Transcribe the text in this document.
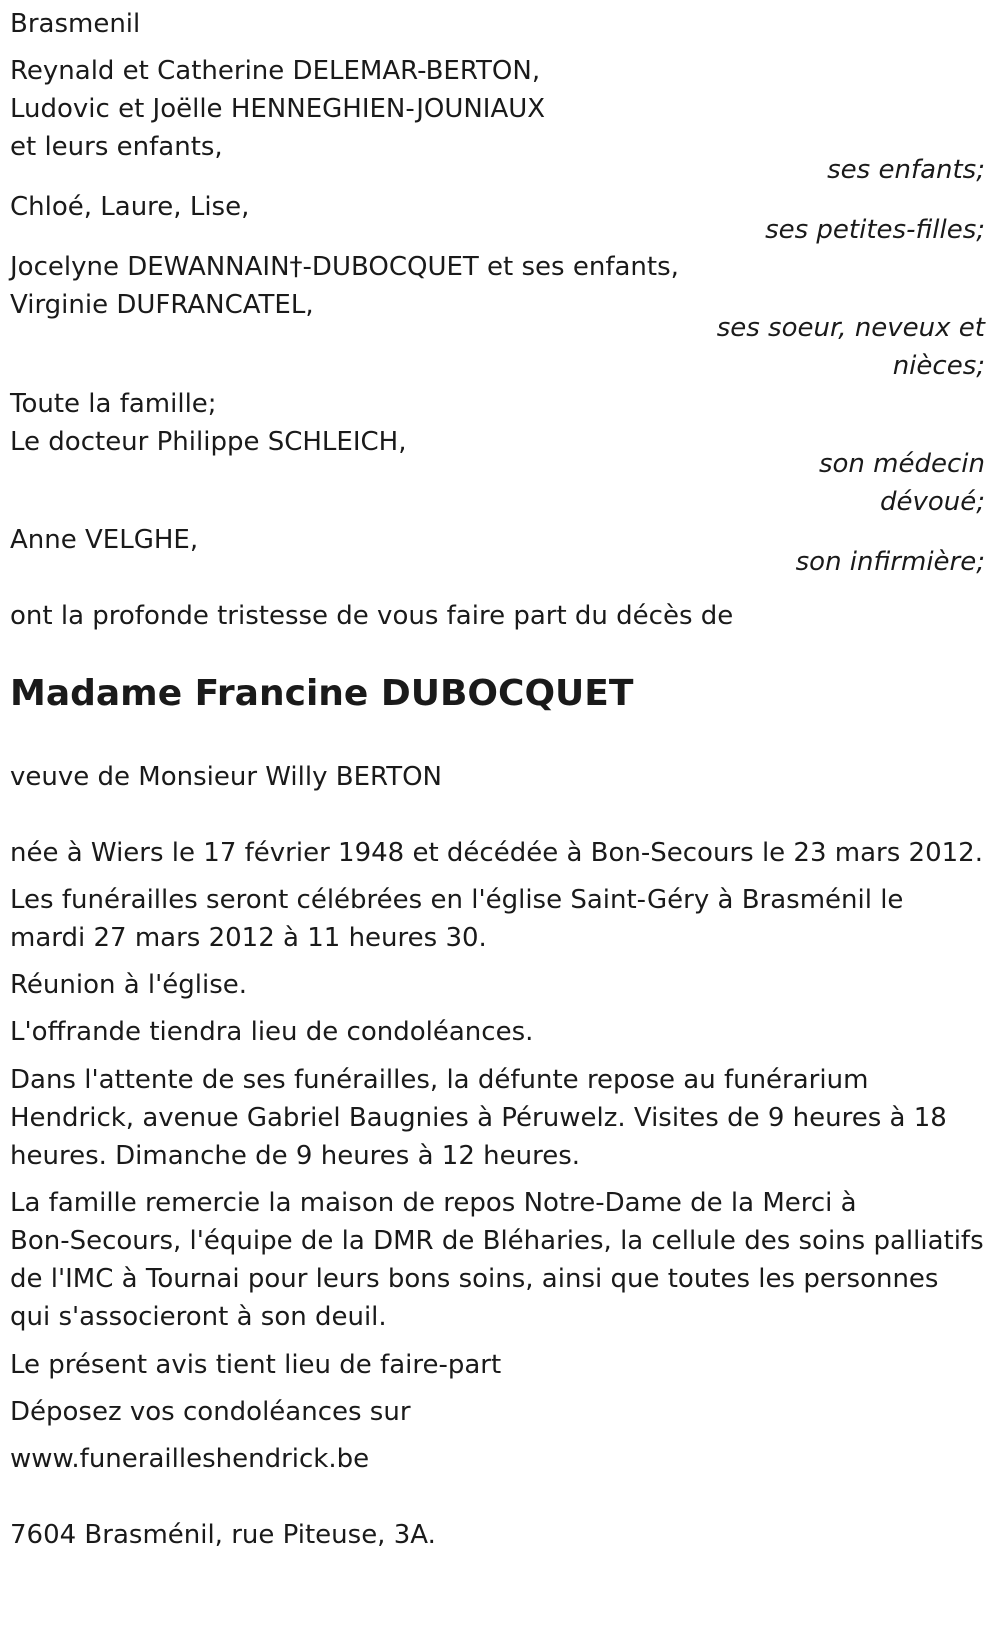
Brasmenil
Reynald et Catherine DELEMAR-BERTON,
Ludovic et Joëlle HENNEGHIEN-JOUNIAUX
et leurs enfants,
ses enfants;
Chloé, Laure, Lise,
ses petites-filles;
Jocelyne DEWANNAIN†-DUBOCQUET et ses enfants,
Virginie DUFRANCATEL,
ses soeur, neveux et
nièces;
Toute la famille;
Le docteur Philippe SCHLEICH,
son médecin
dévoué;
Anne VELGHE,
son infirmière;
ont la profonde tristesse de vous faire part du décès de
Madame Francine DUBOCQUET
veuve de Monsieur Willy BERTON
née à Wiers le 17 février 1948 et décédée à Bon-Secours le 23 mars 2012.
Les funérailles seront célébrées en l'église Saint-Géry à Brasménil le
mardi 27 mars 2012 à 11 heures 30.
Réunion à l'église.
L'offrande tiendra lieu de condoléances.
Dans l'attente de ses funérailles, la défunte repose au funérarium
Hendrick, avenue Gabriel Baugnies à Péruwelz. Visites de 9 heures à 18
heures. Dimanche de 9 heures à 12 heures.
La famille remercie la maison de repos Notre-Dame de la Merci à
Bon-Secours, l'équipe de la DMR de Bléharies, la cellule des soins palliatifs
de l'IMC à Tournai pour leurs bons soins, ainsi que toutes les personnes
qui s'associeront à son deuil.
Le présent avis tient lieu de faire-part
Déposez vos condoléances sur
www.funerailleshendrick.be
7604 Brasménil, rue Piteuse, 3A.
